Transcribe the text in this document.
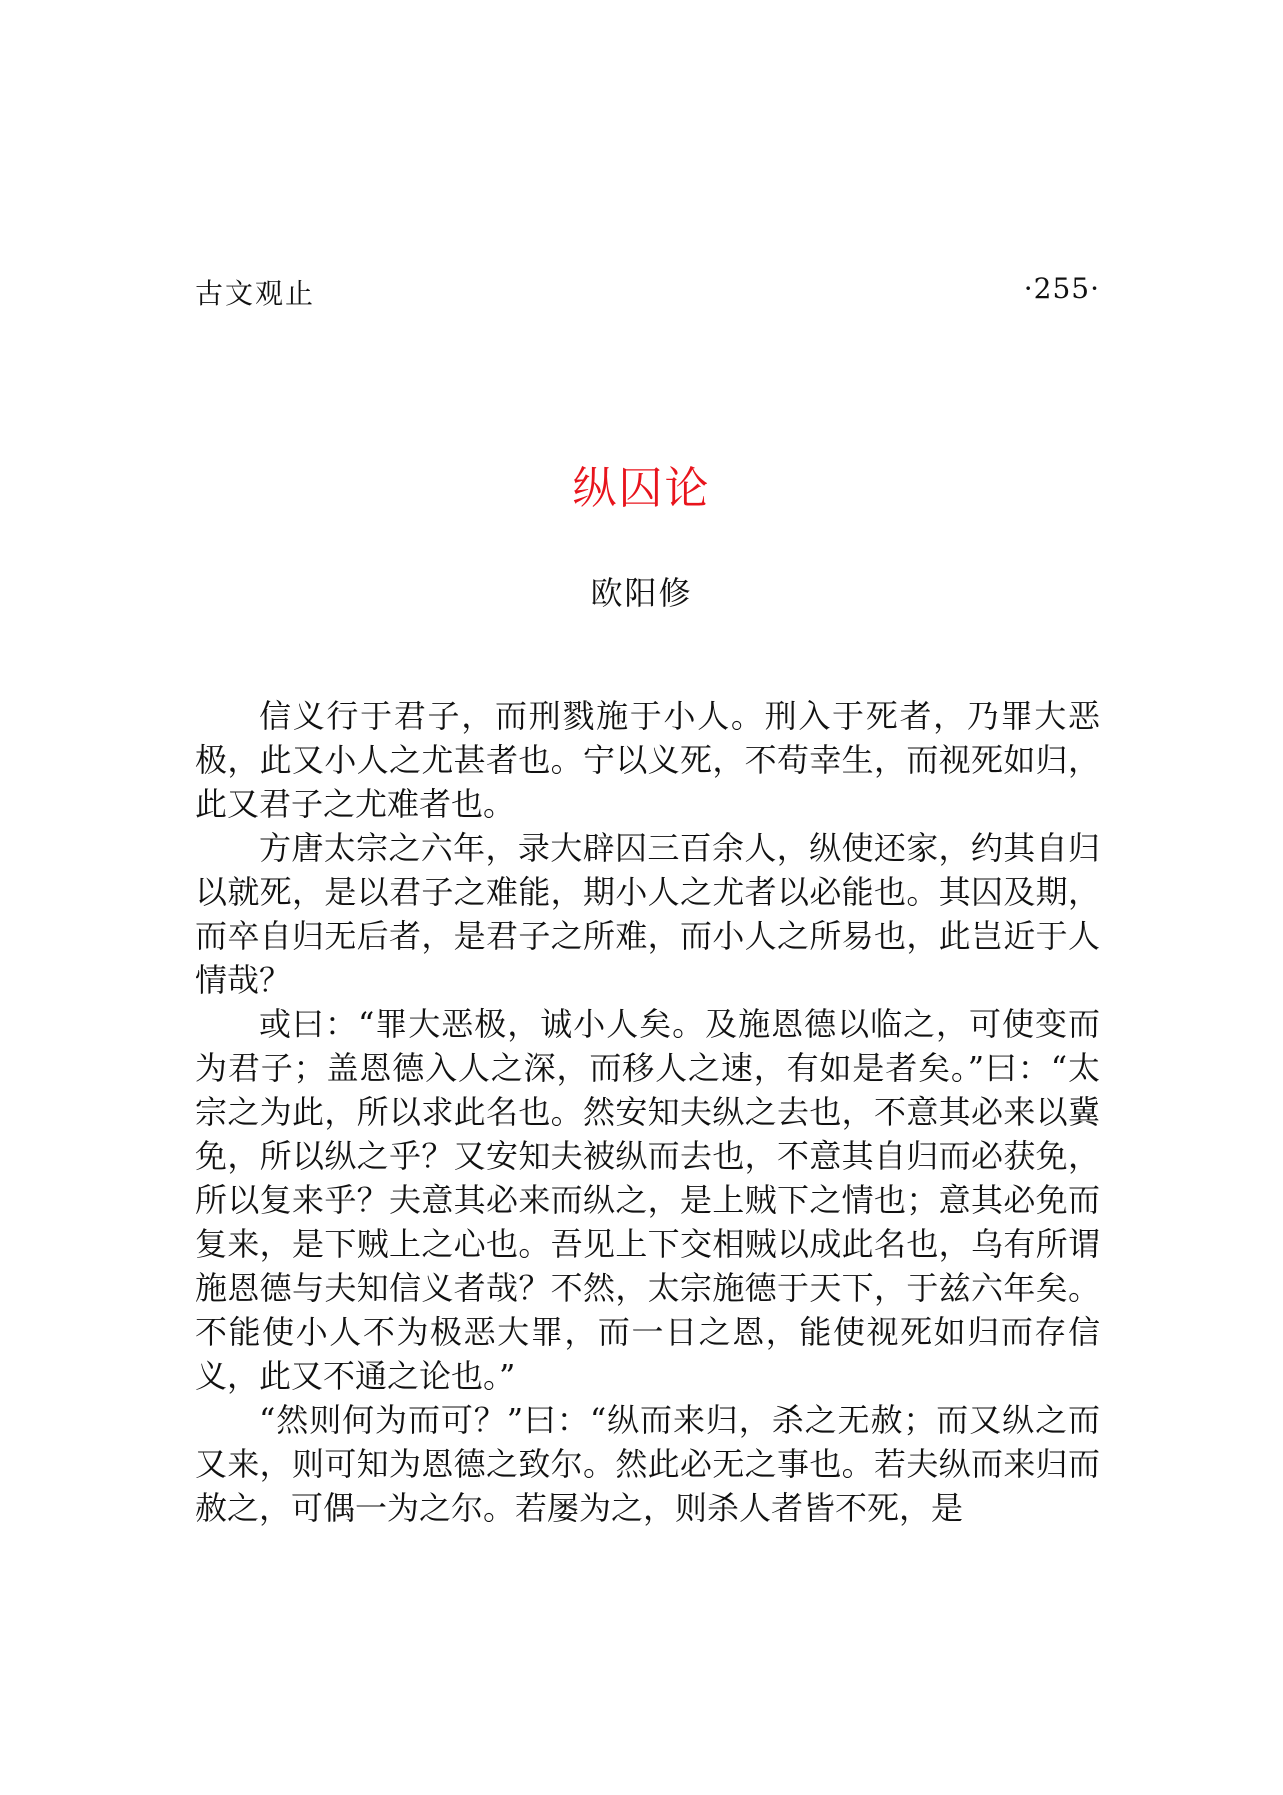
古文观止	·255·
纵囚论
欧阳修

信义行于君子，而刑戮施于小人。刑入于死者，乃罪大恶极，此又小人之尤甚者也。宁以义死，不苟幸生，而视死如归，此又君子之尤难者也。

方唐太宗之六年，录大辟囚三百余人，纵使还家，约其自归以就死，是以君子之难能，期小人之尤者以必能也。其囚及期，而卒自归无后者，是君子之所难，而小人之所易也，此岂近于人情哉？

或曰：“罪大恶极，诚小人矣。及施恩德以临之，可使变而为君子；盖恩德入人之深，而移人之速，有如是者矣。”曰：“太宗之为此，所以求此名也。然安知夫纵之去也，不意其必来以冀免，所以纵之乎？又安知夫被纵而去也，不意其自归而必获免，所以复来乎？夫意其必来而纵之，是上贼下之情也；意其必免而复来，是下贼上之心也。吾见上下交相贼以成此名也，乌有所谓施恩德与夫知信义者哉？不然，太宗施德于天下，于兹六年矣。不能使小人不为极恶大罪，而一日之恩，能使视死如归而存信义，此又不通之论也。”

“然则何为而可？”曰：“纵而来归，杀之无赦；而又纵之而又来，则可知为恩德之致尔。然此必无之事也。若夫纵而来归而赦之，可偶一为之尔。若屡为之，则杀人者皆不死，是
